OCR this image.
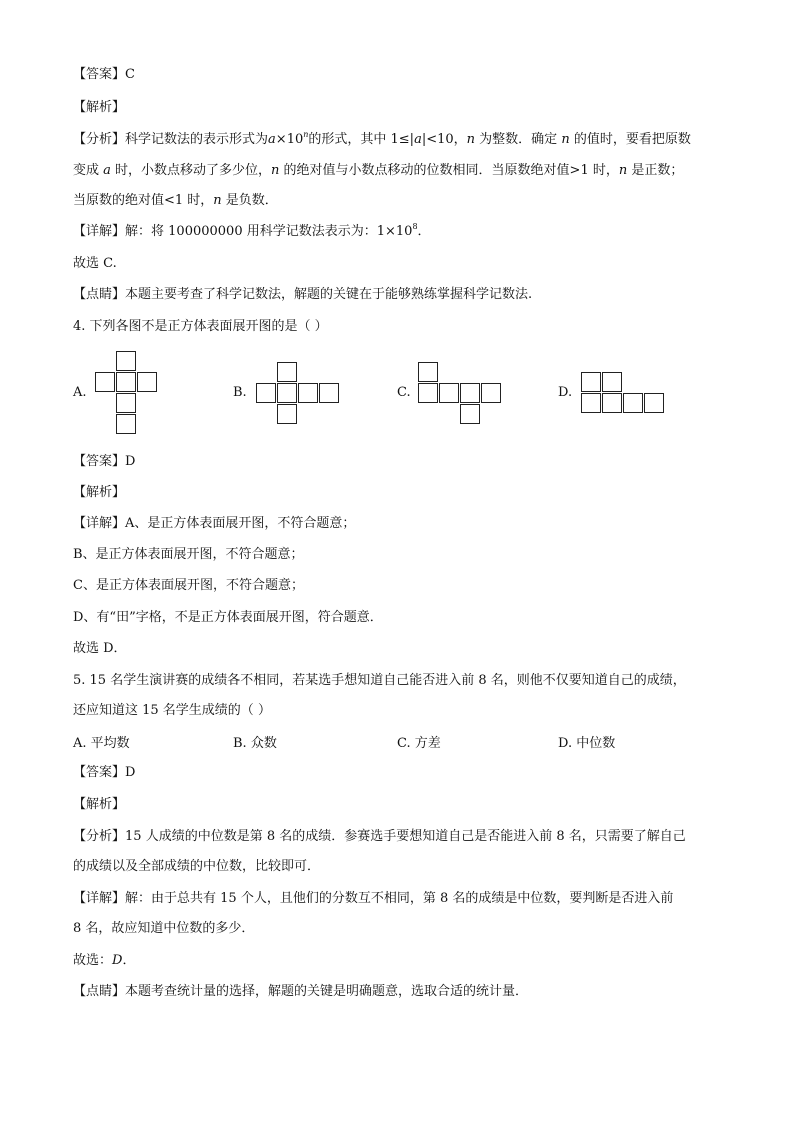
【答案】C
【解析】
【分析】科学记数法的表示形式为$a\times 10^n$的形式，其中 1≤|a|<10，n 为整数．确定 n 的值时，要看把原数
变成 a 时，小数点移动了多少位，n 的绝对值与小数点移动的位数相同．当原数绝对值>1 时，n 是正数；
当原数的绝对值<1 时，n 是负数．
【详解】解：将 100000000 用科学记数法表示为：$1\times 10^8$．
故选 C.
【点睛】本题主要考查了科学记数法，解题的关键在于能够熟练掌握科学记数法.
4. 下列各图不是正方体表面展开图的是（ ）
A.	B.	C.	D.
【答案】D
【解析】
【详解】A、是正方体表面展开图，不符合题意；
B、是正方体表面展开图，不符合题意；
C、是正方体表面展开图，不符合题意；
D、有“田”字格，不是正方体表面展开图，符合题意．
故选 D．
5. 15 名学生演讲赛的成绩各不相同，若某选手想知道自己能否进入前 8 名，则他不仅要知道自己的成绩，
还应知道这 15 名学生成绩的（ ）
A. 平均数	B. 众数	C. 方差	D. 中位数
【答案】D
【解析】
【分析】15 人成绩的中位数是第 8 名的成绩．参赛选手要想知道自己是否能进入前 8 名，只需要了解自己
的成绩以及全部成绩的中位数，比较即可．
【详解】解：由于总共有 15 个人，且他们的分数互不相同，第 8 名的成绩是中位数，要判断是否进入前
8 名，故应知道中位数的多少．
故选：D．
【点睛】本题考查统计量的选择，解题的关键是明确题意，选取合适的统计量．
